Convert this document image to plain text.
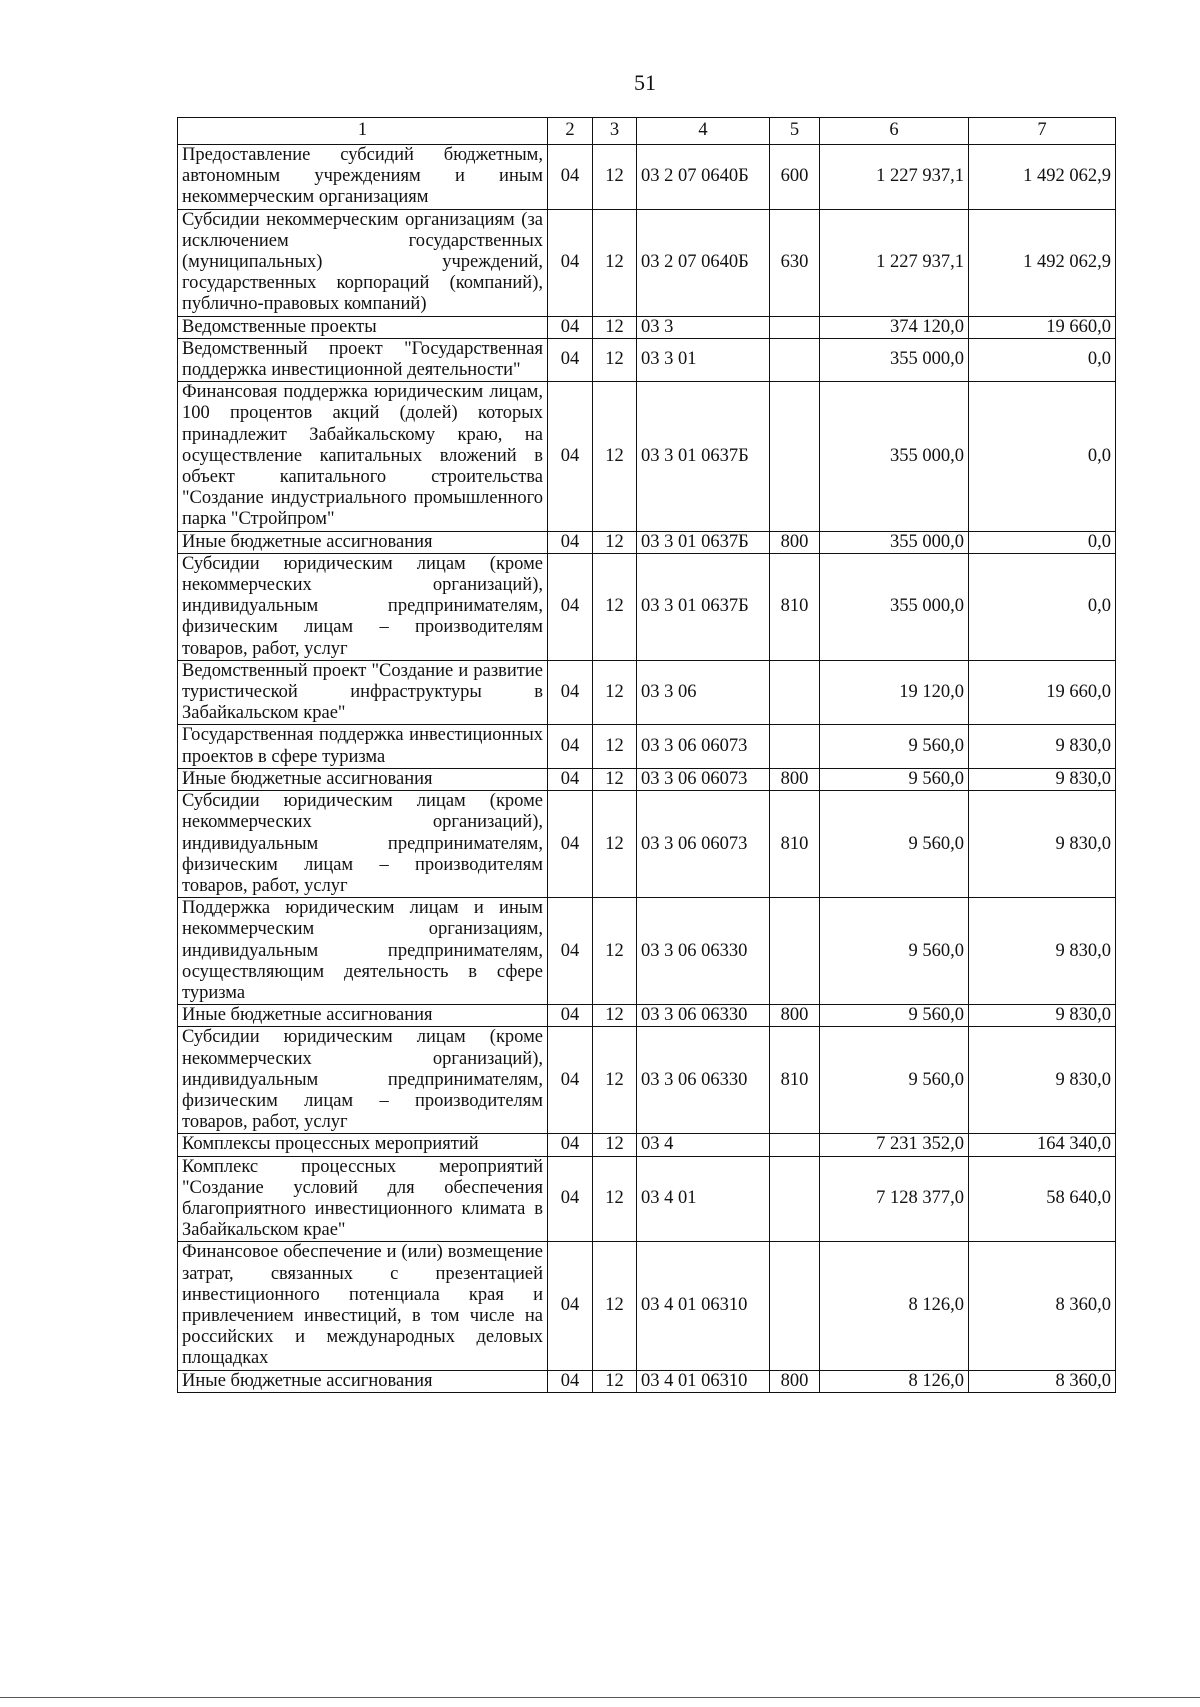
51
1	2	3	4	5	6	7
Предоставление субсидий бюджетным, автономным учреждениям и иным некоммерческим организациям	04	12	03 2 07 0640Б	600	1 227 937,1	1 492 062,9
Субсидии некоммерческим организациям (за исключением государственных (муниципальных) учреждений, государственных корпораций (компаний), публично-правовых компаний)	04	12	03 2 07 0640Б	630	1 227 937,1	1 492 062,9
Ведомственные проекты	04	12	03 3		374 120,0	19 660,0
Ведомственный проект "Государственная поддержка инвестиционной деятельности"	04	12	03 3 01		355 000,0	0,0
Финансовая поддержка юридическим лицам, 100 процентов акций (долей) которых принадлежит Забайкальскому краю, на осуществление капитальных вложений в объект капитального строительства "Создание индустриального промышленного парка "Стройпром"	04	12	03 3 01 0637Б		355 000,0	0,0
Иные бюджетные ассигнования	04	12	03 3 01 0637Б	800	355 000,0	0,0
Субсидии юридическим лицам (кроме некоммерческих организаций), индивидуальным предпринимателям, физическим лицам – производителям товаров, работ, услуг	04	12	03 3 01 0637Б	810	355 000,0	0,0
Ведомственный проект "Создание и развитие туристической инфраструктуры в Забайкальском крае"	04	12	03 3 06		19 120,0	19 660,0
Государственная поддержка инвестиционных проектов в сфере туризма	04	12	03 3 06 06073		9 560,0	9 830,0
Иные бюджетные ассигнования	04	12	03 3 06 06073	800	9 560,0	9 830,0
Субсидии юридическим лицам (кроме некоммерческих организаций), индивидуальным предпринимателям, физическим лицам – производителям товаров, работ, услуг	04	12	03 3 06 06073	810	9 560,0	9 830,0
Поддержка юридическим лицам и иным некоммерческим организациям, индивидуальным предпринимателям, осуществляющим деятельность в сфере туризма	04	12	03 3 06 06330		9 560,0	9 830,0
Иные бюджетные ассигнования	04	12	03 3 06 06330	800	9 560,0	9 830,0
Субсидии юридическим лицам (кроме некоммерческих организаций), индивидуальным предпринимателям, физическим лицам – производителям товаров, работ, услуг	04	12	03 3 06 06330	810	9 560,0	9 830,0
Комплексы процессных мероприятий	04	12	03 4		7 231 352,0	164 340,0
Комплекс процессных мероприятий "Создание условий для обеспечения благоприятного инвестиционного климата в Забайкальском крае"	04	12	03 4 01		7 128 377,0	58 640,0
Финансовое обеспечение и (или) возмещение затрат, связанных с презентацией инвестиционного потенциала края и привлечением инвестиций, в том числе на российских и международных деловых площадках	04	12	03 4 01 06310		8 126,0	8 360,0
Иные бюджетные ассигнования	04	12	03 4 01 06310	800	8 126,0	8 360,0
